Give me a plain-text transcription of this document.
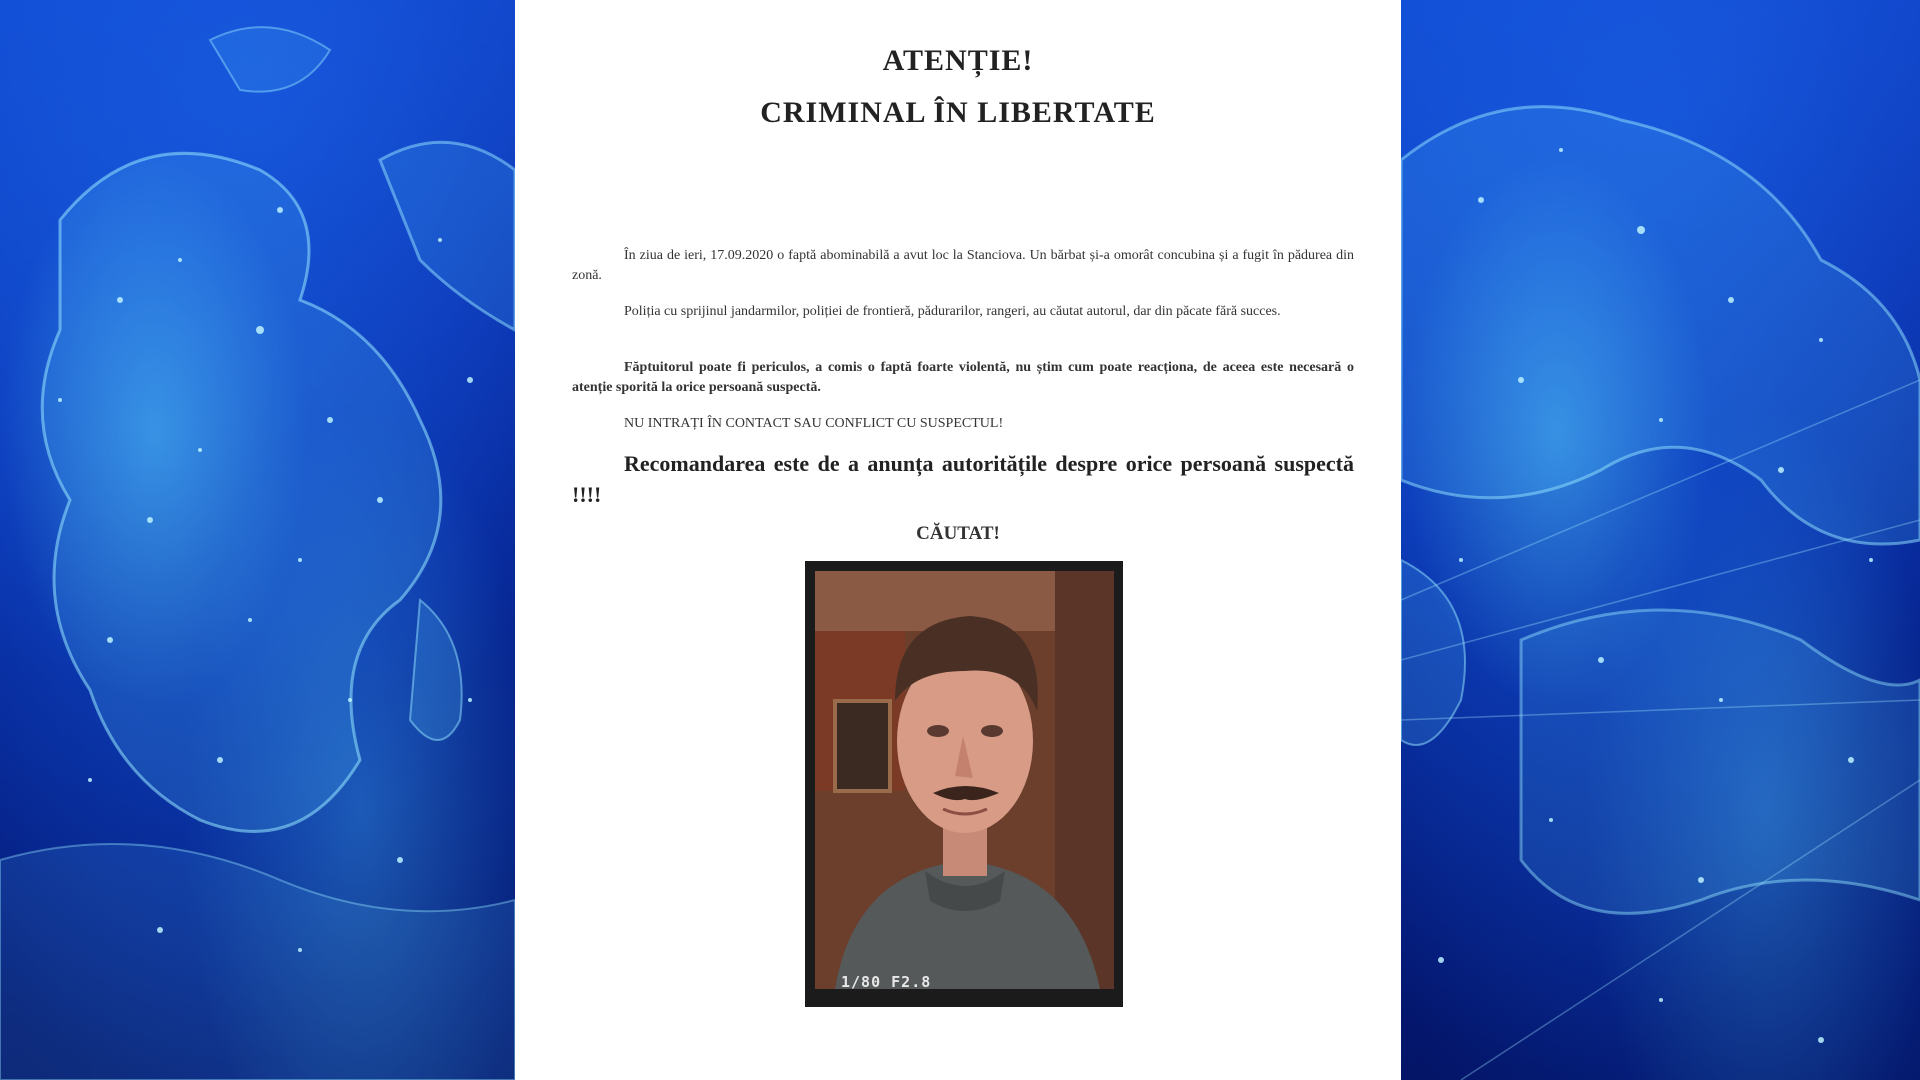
ATENȚIE!
CRIMINAL ÎN LIBERTATE
În ziua de ieri, 17.09.2020 o faptă abominabilă a avut loc la Stanciova. Un bărbat și-a omorât concubina și a fugit în pădurea din zonă.
Poliția cu sprijinul jandarmilor, poliției de frontieră, pădurarilor, rangeri, au căutat autorul, dar din păcate fără succes.
Făptuitorul poate fi periculos, a comis o faptă foarte violentă, nu știm cum poate reacționa, de aceea este necesară o atenție sporită la orice persoană suspectă.
NU INTRAȚI ÎN CONTACT SAU CONFLICT CU SUSPECTUL!
Recomandarea este de a anunța autoritățile despre orice persoană suspectă !!!!
CĂUTAT!
1/80 F2.8
